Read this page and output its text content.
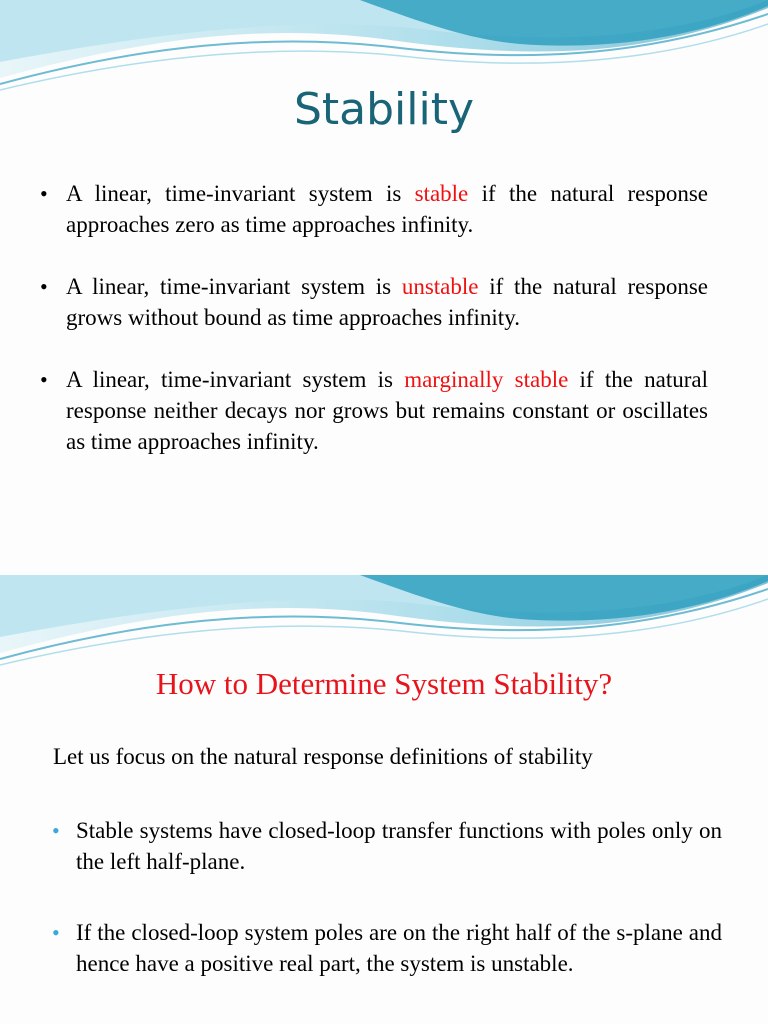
Stability
• A linear, time-invariant system is stable if the natural response approaches zero as time approaches infinity.
• A linear, time-invariant system is unstable if the natural response grows without bound as time approaches infinity.
• A linear, time-invariant system is marginally stable if the natural response neither decays nor grows but remains constant or oscillates as time approaches infinity.
How to Determine System Stability?
Let us focus on the natural response definitions of stability
• Stable systems have closed-loop transfer functions with poles only on the left half-plane.
• If the closed-loop system poles are on the right half of the s-plane and hence have a positive real part, the system is unstable.
